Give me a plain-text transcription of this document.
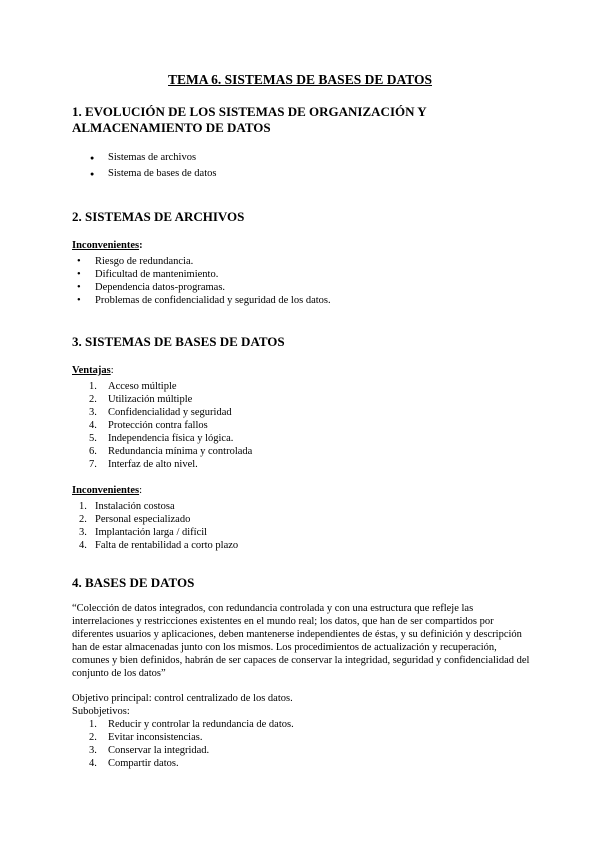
TEMA 6. SISTEMAS DE BASES DE DATOS
1. EVOLUCIÓN DE LOS SISTEMAS DE ORGANIZACIÓN Y ALMACENAMIENTO DE DATOS
● Sistemas de archivos
● Sistema de bases de datos
2. SISTEMAS DE ARCHIVOS
Inconvenientes:
• Riesgo de redundancia.
• Dificultad de mantenimiento.
• Dependencia datos-programas.
• Problemas de confidencialidad y seguridad de los datos.
3. SISTEMAS DE BASES DE DATOS
Ventajas:
1. Acceso múltiple
2. Utilización múltiple
3. Confidencialidad y seguridad
4. Protección contra fallos
5. Independencia física y lógica.
6. Redundancia mínima y controlada
7. Interfaz de alto nivel.
Inconvenientes:
1. Instalación costosa
2. Personal especializado
3. Implantación larga / difícil
4. Falta de rentabilidad a corto plazo
4. BASES DE DATOS

“Colección de datos integrados, con redundancia controlada y con una estructura que refleje las interrelaciones y restricciones existentes en el mundo real; los datos, que han de ser compartidos por diferentes usuarios y aplicaciones, deben mantenerse independientes de éstas, y su definición y descripción han de estar almacenadas junto con los mismos. Los procedimientos de actualización y recuperación, comunes y bien definidos, habrán de ser capaces de conservar la integridad, seguridad y confidencialidad del conjunto de los datos”

Objetivo principal: control centralizado de los datos.
Subobjetivos:
1. Reducir y controlar la redundancia de datos.
2. Evitar inconsistencias.
3. Conservar la integridad.
4. Compartir datos.
